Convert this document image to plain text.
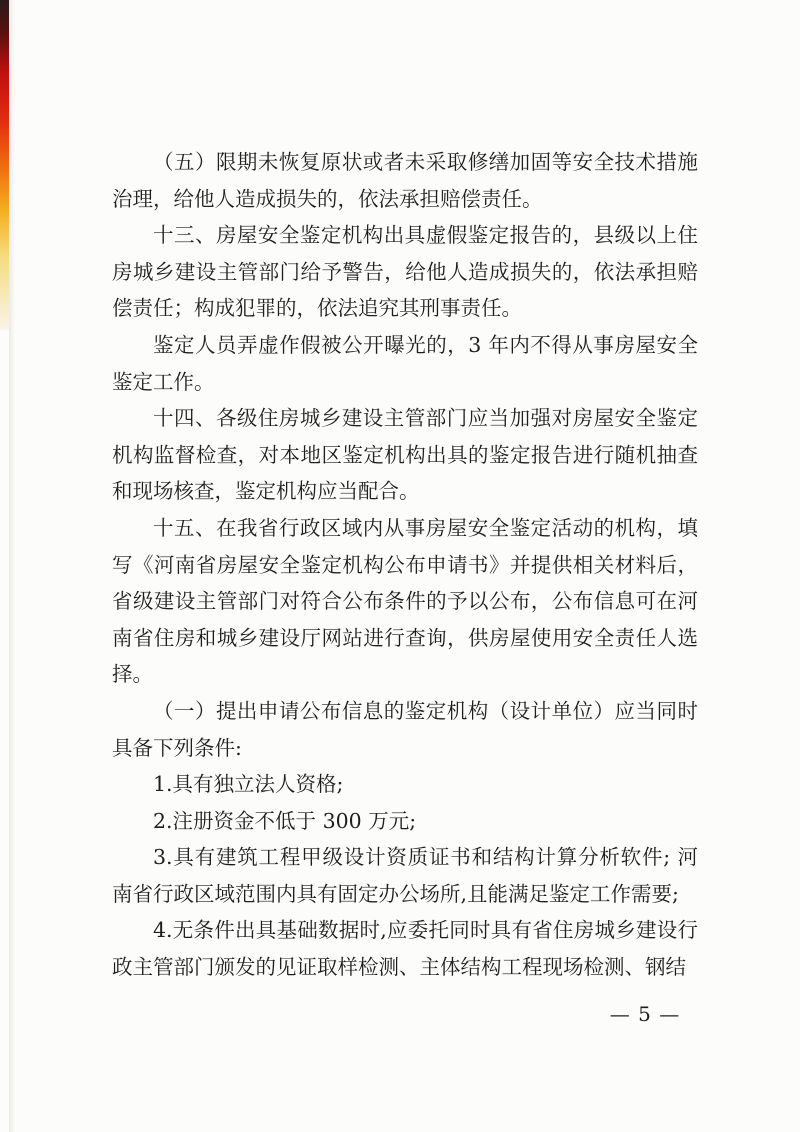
（五）限期未恢复原状或者未采取修缮加固等安全技术措施治理，给他人造成损失的，依法承担赔偿责任。

十三、房屋安全鉴定机构出具虚假鉴定报告的，县级以上住房城乡建设主管部门给予警告，给他人造成损失的，依法承担赔偿责任；构成犯罪的，依法追究其刑事责任。

鉴定人员弄虚作假被公开曝光的，3 年内不得从事房屋安全鉴定工作。

十四、各级住房城乡建设主管部门应当加强对房屋安全鉴定机构监督检查，对本地区鉴定机构出具的鉴定报告进行随机抽查和现场核查，鉴定机构应当配合。

十五、在我省行政区域内从事房屋安全鉴定活动的机构，填写《河南省房屋安全鉴定机构公布申请书》并提供相关材料后，省级建设主管部门对符合公布条件的予以公布，公布信息可在河南省住房和城乡建设厅网站进行查询，供房屋使用安全责任人选择。

（一）提出申请公布信息的鉴定机构（设计单位）应当同时具备下列条件:

1.具有独立法人资格;

2.注册资金不低于 300 万元;

3.具有建筑工程甲级设计资质证书和结构计算分析软件; 河南省行政区域范围内具有固定办公场所,且能满足鉴定工作需要;

4.无条件出具基础数据时,应委托同时具有省住房城乡建设行政主管部门颁发的见证取样检测、主体结构工程现场检测、钢结

— 5 —
